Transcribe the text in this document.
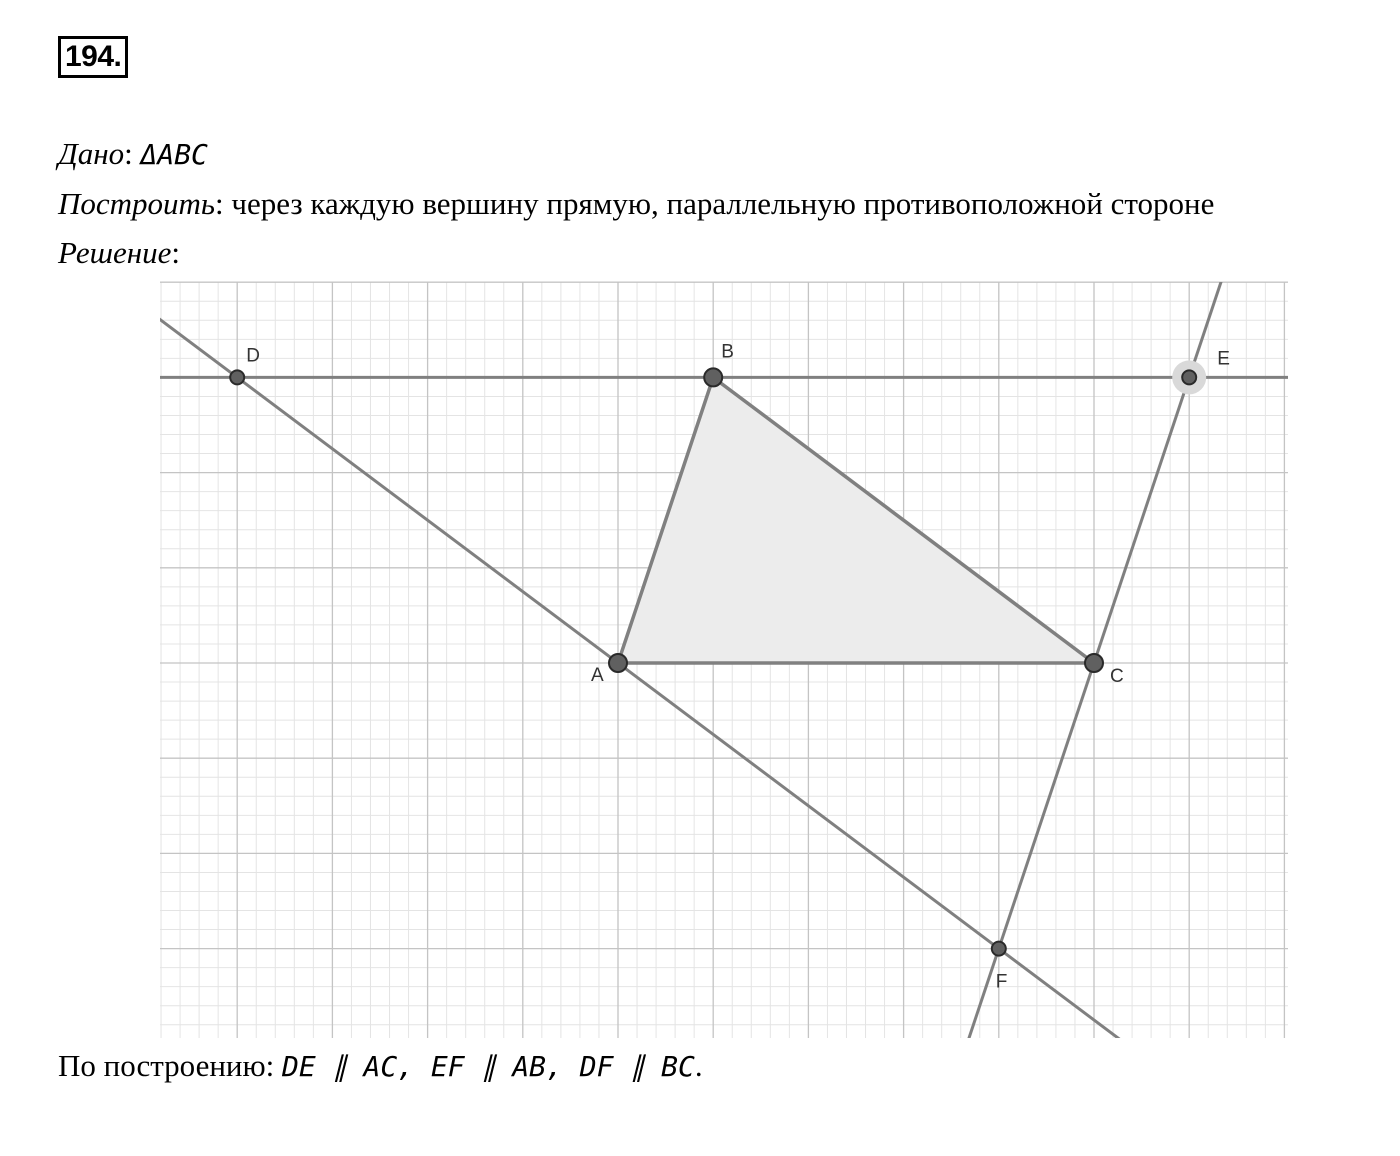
194.
Дано: ΔABC
Построить: через каждую вершину прямую, параллельную противоположной стороне
Решение:
A
B
C
D	E
F
По построению: DE ∥ AC, EF ∥ AB, DF ∥ BC.
